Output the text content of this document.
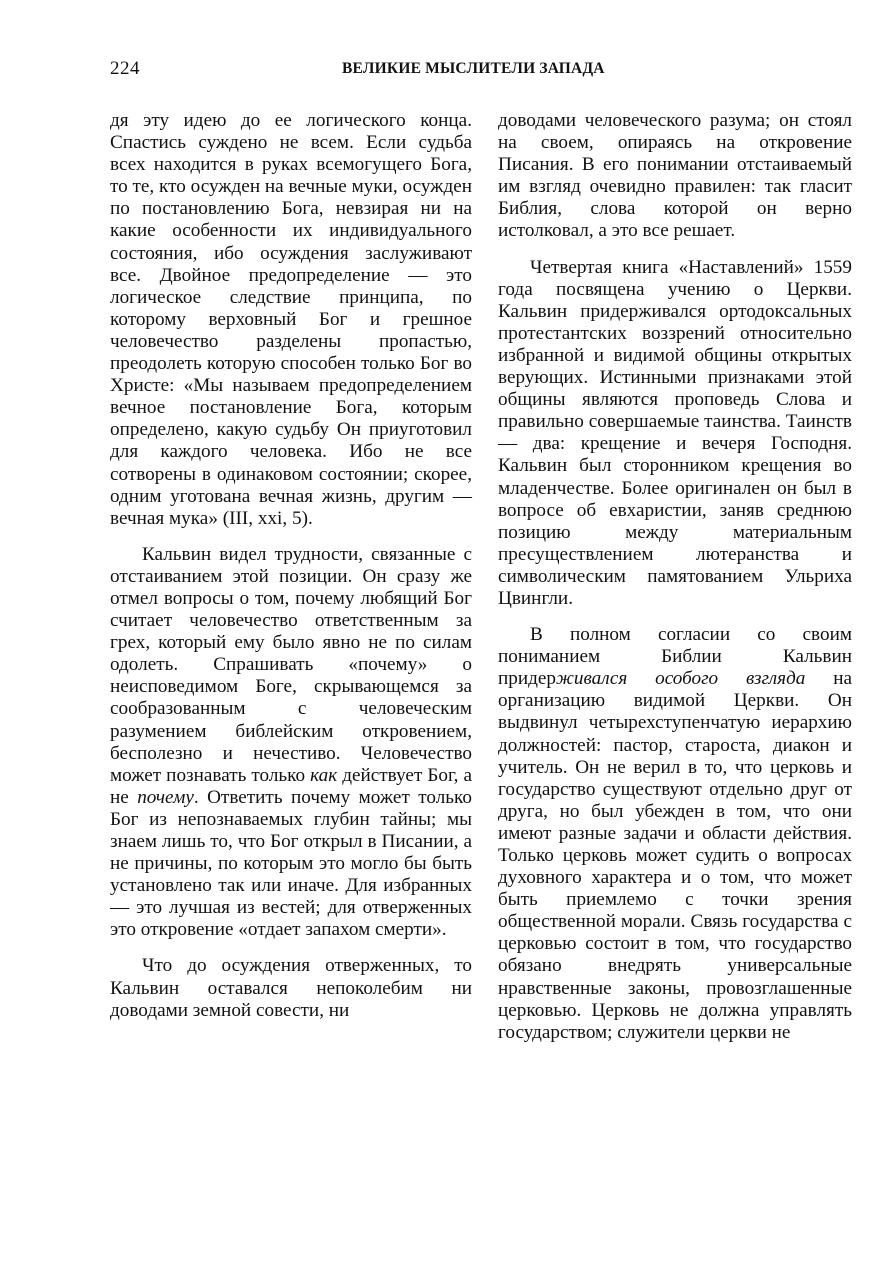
224	ВЕЛИКИЕ МЫСЛИТЕЛИ ЗАПАДА

дя эту идею до ее логического конца. Спастись суждено не всем. Если судьба всех находится в руках всемогущего Бога, то те, кто осужден на вечные муки, осужден по постановлению Бога, невзирая ни на какие особенности их индивидуального состояния, ибо осуждения заслуживают все. Двойное предопределение — это логическое следствие принципа, по которому верховный Бог и грешное человечество разделены пропастью, преодолеть которую способен только Бог во Христе: «Мы называем предопределением вечное постановление Бога, которым определено, какую судьбу Он приуготовил для каждого человека. Ибо не все сотворены в одинаковом состоянии; скорее, одним уготована вечная жизнь, другим — вечная мука» (III, xxi, 5).

Кальвин видел трудности, связанные с отстаиванием этой позиции. Он сразу же отмел вопросы о том, почему любящий Бог считает человечество ответственным за грех, который ему было явно не по силам одолеть. Спрашивать «почему» о неисповедимом Боге, скрывающемся за сообразованным с человеческим разумением библейским откровением, бесполезно и нечестиво. Человечество может познавать только как действует Бог, а не почему. Ответить почему может только Бог из непознаваемых глубин тайны; мы знаем лишь то, что Бог открыл в Писании, а не причины, по которым это могло бы быть установлено так или иначе. Для избранных — это лучшая из вестей; для отверженных это откровение «отдает запахом смерти».

Что до осуждения отверженных, то Кальвин оставался непоколебим ни доводами земной совести, ни

доводами человеческого разума; он стоял на своем, опираясь на откровение Писания. В его понимании отстаиваемый им взгляд очевидно правилен: так гласит Библия, слова которой он верно истолковал, а это все решает.

Четвертая книга «Наставлений» 1559 года посвящена учению о Церкви. Кальвин придерживался ортодоксальных протестантских воззрений относительно избранной и видимой общины открытых верующих. Истинными признаками этой общины являются проповедь Слова и правильно совершаемые таинства. Таинств — два: крещение и вечеря Господня. Кальвин был сторонником крещения во младенчестве. Более оригинален он был в вопросе об евхаристии, заняв среднюю позицию между материальным пресуществлением лютеранства и символическим памятованием Ульриха Цвингли.

В полном согласии со своим пониманием Библии Кальвин придерживался особого взгляда на организацию видимой Церкви. Он выдвинул четырехступенчатую иерархию должностей: пастор, староста, диакон и учитель. Он не верил в то, что церковь и государство существуют отдельно друг от друга, но был убежден в том, что они имеют разные задачи и области действия. Только церковь может судить о вопросах духовного характера и о том, что может быть приемлемо с точки зрения общественной морали. Связь государства с церковью состоит в том, что государство обязано внедрять универсальные нравственные законы, провозглашенные церковью. Церковь не должна управлять государством; служители церкви не
